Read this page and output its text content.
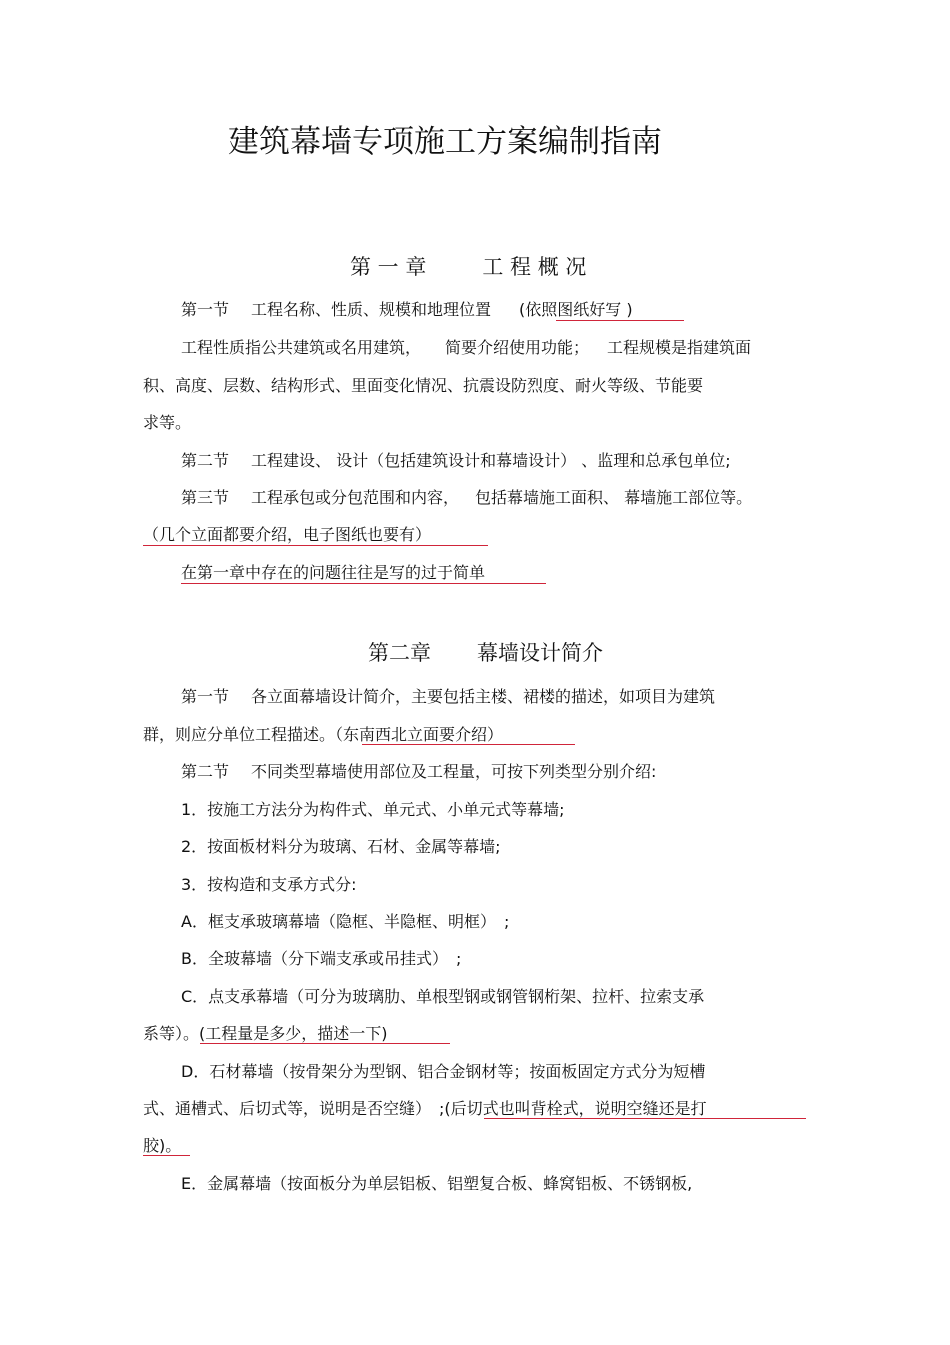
建筑幕墙专项施工方案编制指南
第 一 章	工 程 概 况
第一节 工程名称、性质、规模和地理位置 (依照图纸好写 )
工程性质指公共建筑或名用建筑， 简要介绍使用功能； 工程规模是指建筑面
积、高度、层数、结构形式、里面变化情况、抗震设防烈度、耐火等级、节能要
求等。
第二节 工程建设、 设计（包括建筑设计和幕墙设计） 、监理和总承包单位;
第三节 工程承包或分包范围和内容， 包括幕墙施工面积、 幕墙施工部位等。
（几个立面都要介绍，电子图纸也要有）
在第一章中存在的问题往往是写的过于简单
第二章 幕墙设计简介
第一节 各立面幕墙设计简介，主要包括主楼、裙楼的描述，如项目为建筑
群，则应分单位工程描述。（东南西北立面要介绍）
第二节 不同类型幕墙使用部位及工程量，可按下列类型分别介绍:
1．按施工方法分为构件式、单元式、小单元式等幕墙;
2．按面板材料分为玻璃、石材、金属等幕墙;
3．按构造和支承方式分:
A．框支承玻璃幕墙（隐框、半隐框、明框）　;
B．全玻幕墙（分下端支承或吊挂式）　;
C．点支承幕墙（可分为玻璃肋、单根型钢或钢管钢桁架、拉杆、拉索支承
系等）。(工程量是多少，描述一下)
D．石材幕墙（按骨架分为型钢、铝合金钢材等；按面板固定方式分为短槽
式、通槽式、后切式等，说明是否空缝）　;(后切式也叫背栓式，说明空缝还是打
胶)。
E．金属幕墙（按面板分为单层铝板、铝塑复合板、蜂窝铝板、不锈钢板,
